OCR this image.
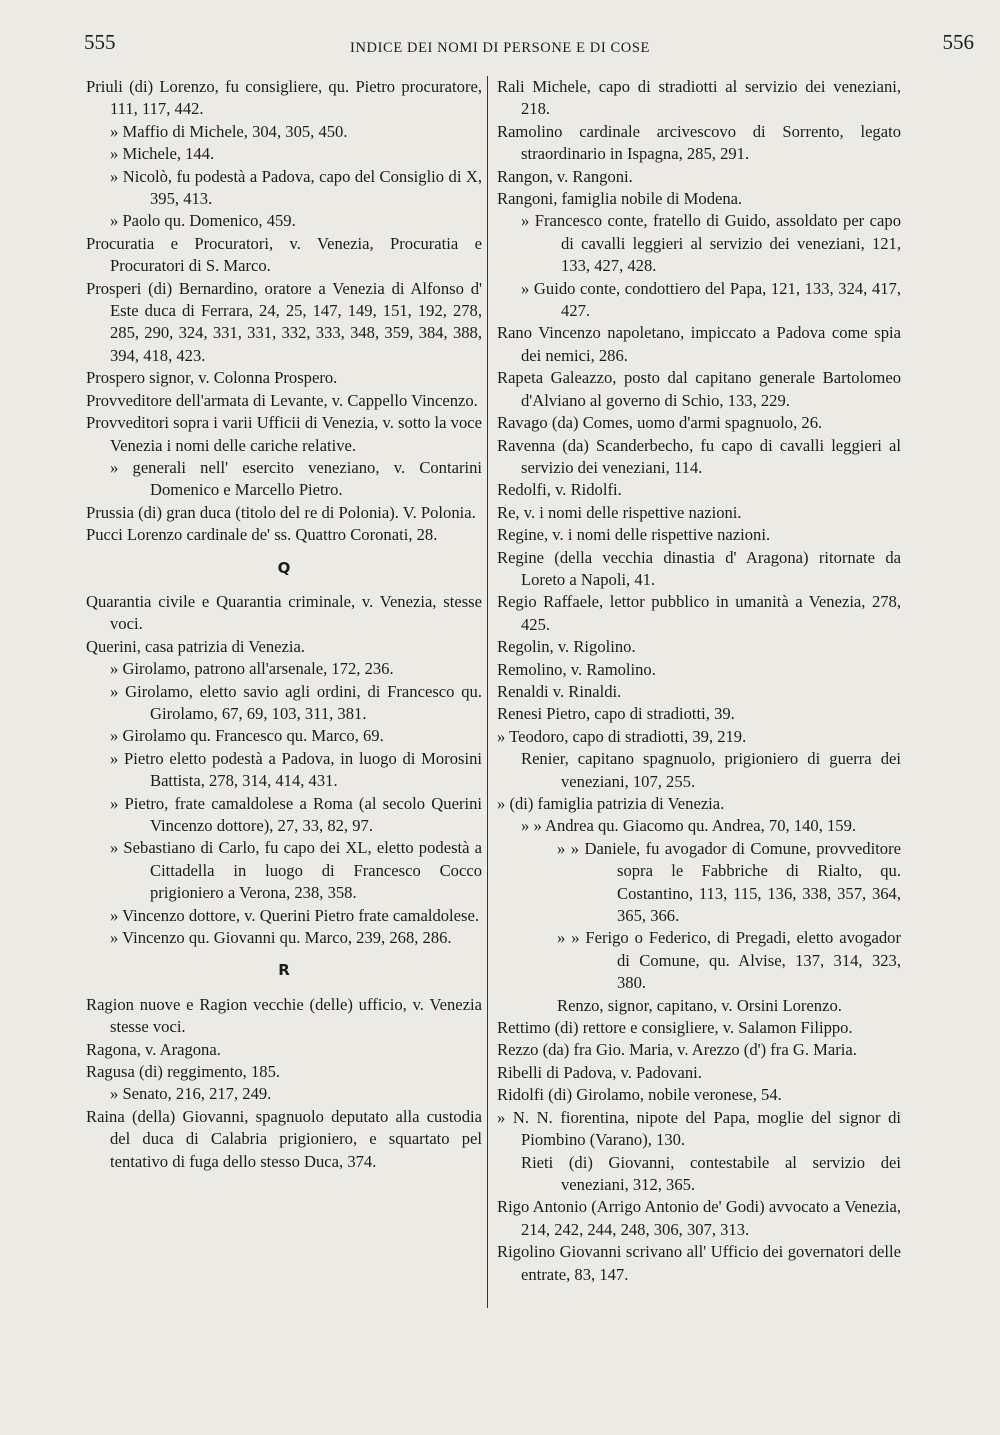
555	INDICE DEI NOMI DI PERSONE E DI COSE	556

Priuli (di) Lorenzo, fu consigliere, qu. Pietro procuratore, 111, 117, 442.

» Maffio di Michele, 304, 305, 450.

» Michele, 144.

» Nicolò, fu podestà a Padova, capo del Consiglio di X, 395, 413.

» Paolo qu. Domenico, 459.

Procuratia e Procuratori, v. Venezia, Procuratia e Procuratori di S. Marco.

Prosperi (di) Bernardino, oratore a Venezia di Alfonso d' Este duca di Ferrara, 24, 25, 147, 149, 151, 192, 278, 285, 290, 324, 331, 331, 332, 333, 348, 359, 384, 388, 394, 418, 423.

Prospero signor, v. Colonna Prospero.

Provveditore dell'armata di Levante, v. Cappello Vincenzo.

Provveditori sopra i varii Ufficii di Venezia, v. sotto la voce Venezia i nomi delle cariche relative.

» generali nell' esercito veneziano, v. Contarini Domenico e Marcello Pietro.

Prussia (di) gran duca (titolo del re di Polonia). V. Polonia.

Pucci Lorenzo cardinale de' ss. Quattro Coronati, 28.

Q

Quarantia civile e Quarantia criminale, v. Venezia, stesse voci.

Querini, casa patrizia di Venezia.

» Girolamo, patrono all'arsenale, 172, 236.

» Girolamo, eletto savio agli ordini, di Francesco qu. Girolamo, 67, 69, 103, 311, 381.

» Girolamo qu. Francesco qu. Marco, 69.

» Pietro eletto podestà a Padova, in luogo di Morosini Battista, 278, 314, 414, 431.

» Pietro, frate camaldolese a Roma (al secolo Querini Vincenzo dottore), 27, 33, 82, 97.

» Sebastiano di Carlo, fu capo dei XL, eletto podestà a Cittadella in luogo di Francesco Cocco prigioniero a Verona, 238, 358.

» Vincenzo dottore, v. Querini Pietro frate camaldolese.

» Vincenzo qu. Giovanni qu. Marco, 239, 268, 286.

R

Ragion nuove e Ragion vecchie (delle) ufficio, v. Venezia stesse voci.

Ragona, v. Aragona.

Ragusa (di) reggimento, 185.

» Senato, 216, 217, 249.

Raina (della) Giovanni, spagnuolo deputato alla custodia del duca di Calabria prigioniero, e squartato pel tentativo di fuga dello stesso Duca, 374.

Rali Michele, capo di stradiotti al servizio dei veneziani, 218.

Ramolino cardinale arcivescovo di Sorrento, legato straordinario in Ispagna, 285, 291.

Rangon, v. Rangoni.

Rangoni, famiglia nobile di Modena.

» Francesco conte, fratello di Guido, assoldato per capo di cavalli leggieri al servizio dei veneziani, 121, 133, 427, 428.

» Guido conte, condottiero del Papa, 121, 133, 324, 417, 427.

Rano Vincenzo napoletano, impiccato a Padova come spia dei nemici, 286.

Rapeta Galeazzo, posto dal capitano generale Bartolomeo d'Alviano al governo di Schio, 133, 229.

Ravago (da) Comes, uomo d'armi spagnuolo, 26.

Ravenna (da) Scanderbecho, fu capo di cavalli leggieri al servizio dei veneziani, 114.

Redolfi, v. Ridolfi.

Re, v. i nomi delle rispettive nazioni.

Regine, v. i nomi delle rispettive nazioni.

Regine (della vecchia dinastia d' Aragona) ritornate da Loreto a Napoli, 41.

Regio Raffaele, lettor pubblico in umanità a Venezia, 278, 425.

Regolin, v. Rigolino.

Remolino, v. Ramolino.

Renaldi v. Rinaldi.

Renesi Pietro, capo di stradiotti, 39.

» Teodoro, capo di stradiotti, 39, 219.

Renier, capitano spagnuolo, prigioniero di guerra dei veneziani, 107, 255.

» (di) famiglia patrizia di Venezia.

» » Andrea qu. Giacomo qu. Andrea, 70, 140, 159.

» » Daniele, fu avogador di Comune, provveditore sopra le Fabbriche di Rialto, qu. Costantino, 113, 115, 136, 338, 357, 364, 365, 366.

» » Ferigo o Federico, di Pregadi, eletto avogador di Comune, qu. Alvise, 137, 314, 323, 380.

Renzo, signor, capitano, v. Orsini Lorenzo.

Rettimo (di) rettore e consigliere, v. Salamon Filippo.

Rezzo (da) fra Gio. Maria, v. Arezzo (d') fra G. Maria.

Ribelli di Padova, v. Padovani.

Ridolfi (di) Girolamo, nobile veronese, 54.

» N. N. fiorentina, nipote del Papa, moglie del signor di Piombino (Varano), 130.

Rieti (di) Giovanni, contestabile al servizio dei veneziani, 312, 365.

Rigo Antonio (Arrigo Antonio de' Godi) avvocato a Venezia, 214, 242, 244, 248, 306, 307, 313.

Rigolino Giovanni scrivano all' Ufficio dei governatori delle entrate, 83, 147.
